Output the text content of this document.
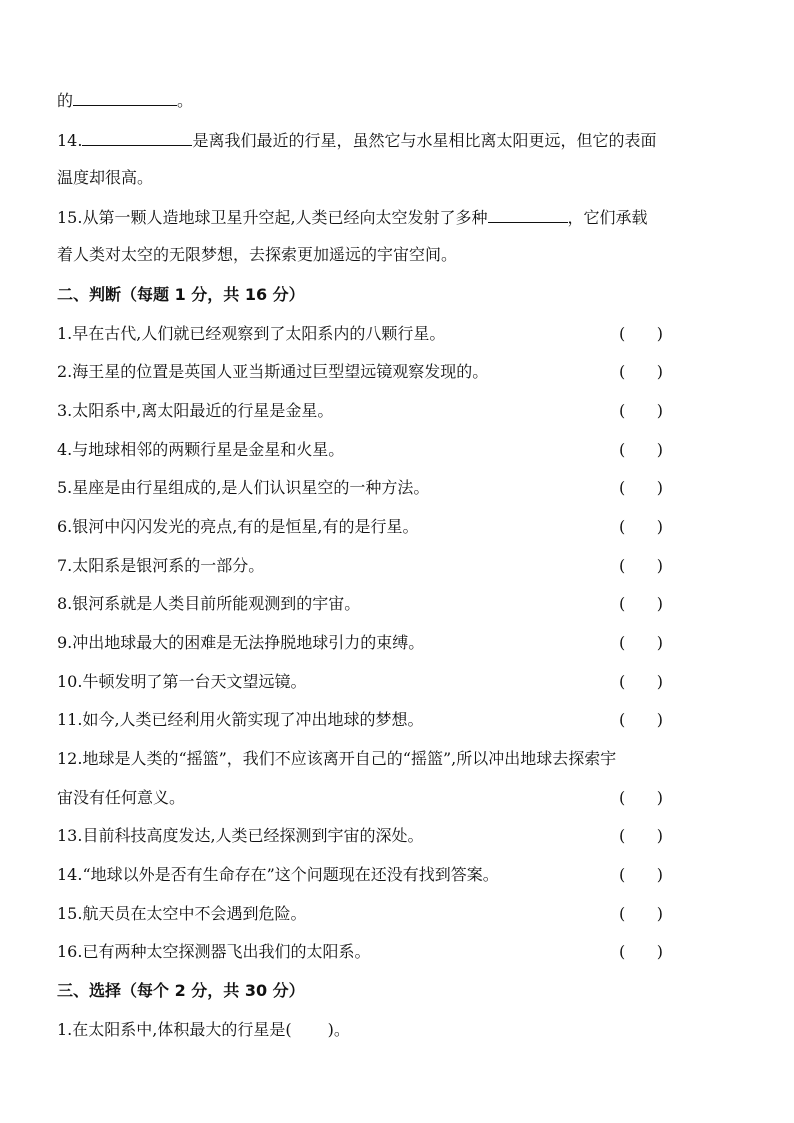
的	。
14.	是离我们最近的行星，虽然它与水星相比离太阳更远，但它的表面
温度却很高。
15.从第一颗人造地球卫星升空起,人类已经向太空发射了多种	，它们承载
着人类对太空的无限梦想，去探索更加遥远的宇宙空间。
二、判断（每题 1 分，共 16 分）
1.早在古代,人们就已经观察到了太阳系内的八颗行星。	( )
2.海王星的位置是英国人亚当斯通过巨型望远镜观察发现的。	( )
3.太阳系中,离太阳最近的行星是金星。	( )
4.与地球相邻的两颗行星是金星和火星。	( )
5.星座是由行星组成的,是人们认识星空的一种方法。	( )
6.银河中闪闪发光的亮点,有的是恒星,有的是行星。	( )
7.太阳系是银河系的一部分。	( )
8.银河系就是人类目前所能观测到的宇宙。	( )
9.冲出地球最大的困难是无法挣脱地球引力的束缚。	( )
10.牛顿发明了第一台天文望远镜。	( )
11.如今,人类已经利用火箭实现了冲出地球的梦想。	( )
12.地球是人类的“摇篮”，我们不应该离开自己的“摇篮”,所以冲出地球去探索宇
宙没有任何意义。	( )
13.目前科技高度发达,人类已经探测到宇宙的深处。	( )
14.“地球以外是否有生命存在”这个问题现在还没有找到答案。	( )
15.航天员在太空中不会遇到危险。	( )
16.已有两种太空探测器飞出我们的太阳系。	( )
三、选择（每个 2 分，共 30 分）
1.在太阳系中,体积最大的行星是( )。
